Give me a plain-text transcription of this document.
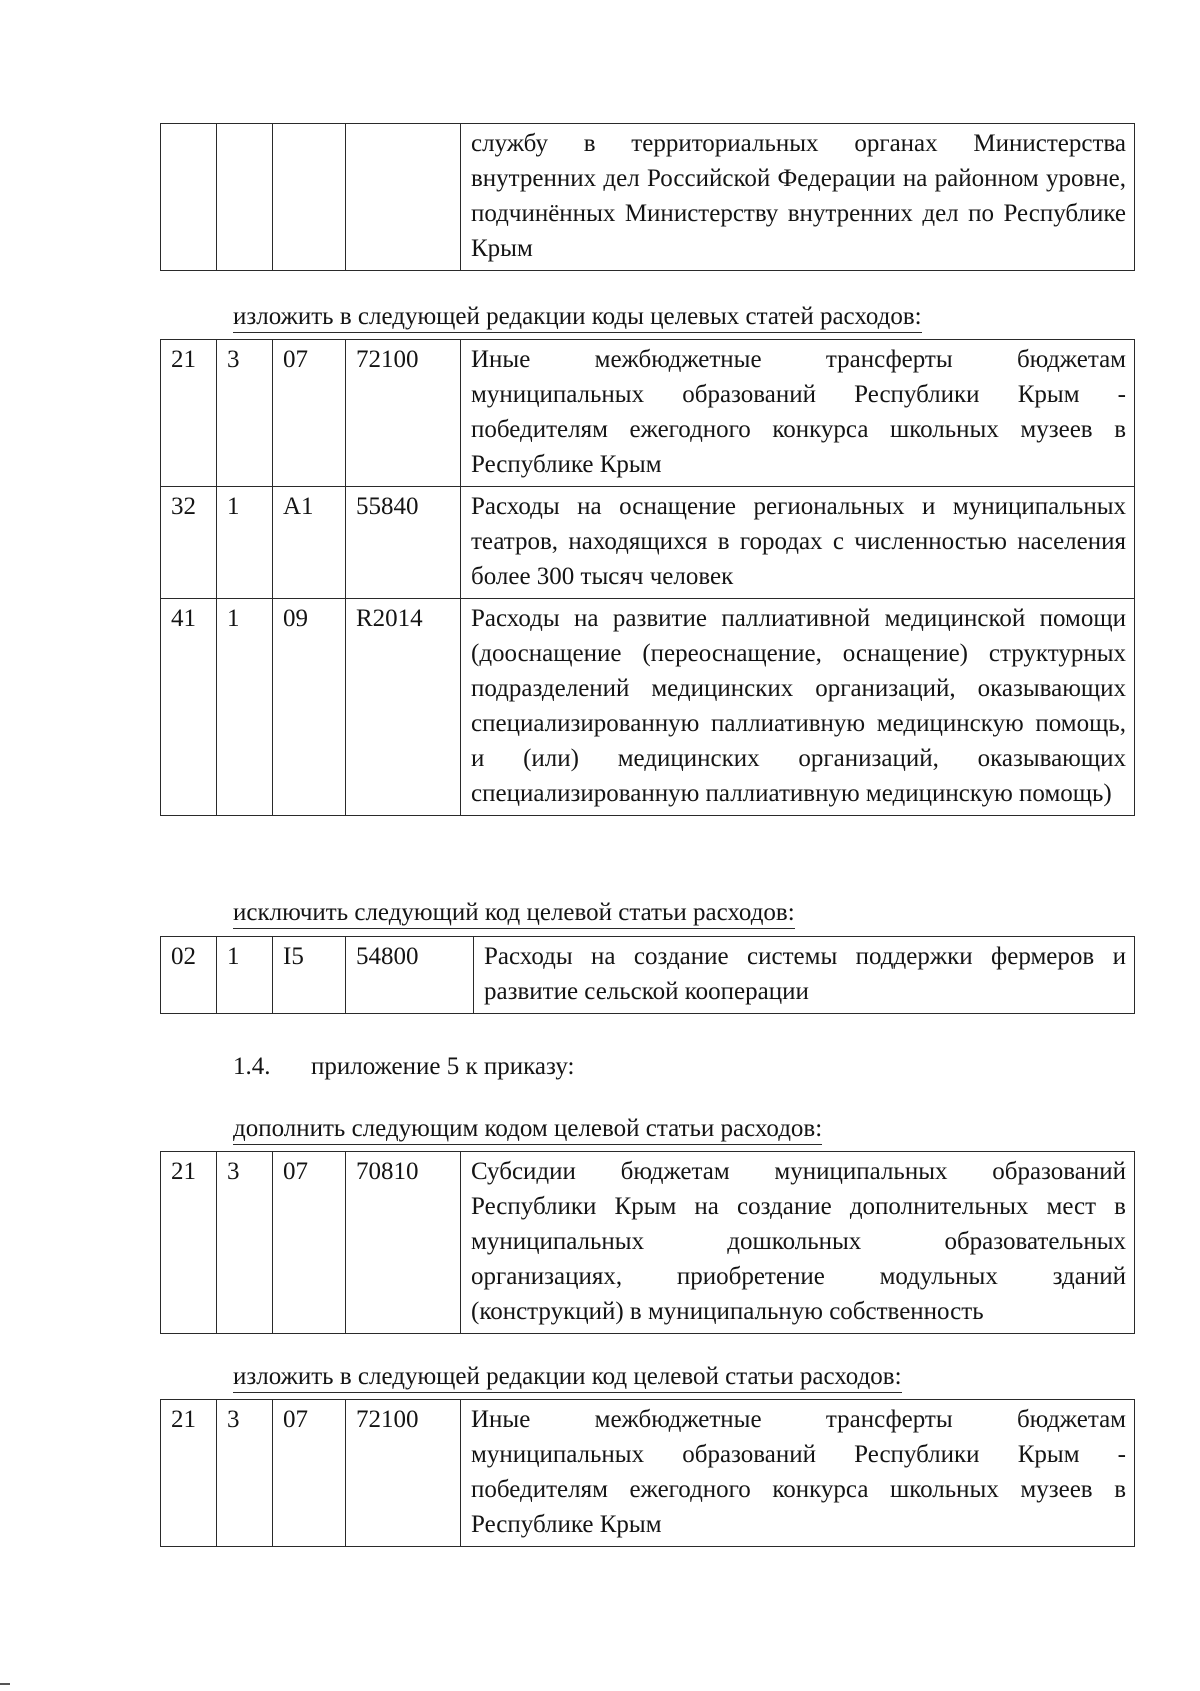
				службу в территориальных органах Министерства внутренних дел Российской Федерации на районном уровне, подчинённых Министерству внутренних дел по Республике Крым
изложить в следующей редакции коды целевых статей расходов:
21	3	07	72100	Иные межбюджетные трансферты бюджетам муниципальных образований Республики Крым - победителям ежегодного конкурса школьных музеев в Республике Крым
32	1	A1	55840	Расходы на оснащение региональных и муниципальных театров, находящихся в городах с численностью населения более 300 тысяч человек
41	1	09	R2014	Расходы на развитие паллиативной медицинской помощи (дооснащение (переоснащение, оснащение) структурных подразделений медицинских организаций, оказывающих специализированную паллиативную медицинскую помощь, и (или) медицинских организаций, оказывающих специализированную паллиативную медицинскую помощь)
исключить следующий код целевой статьи расходов:
02	1	I5	54800	Расходы на создание системы поддержки фермеров и развитие сельской кооперации
1.4. приложение 5 к приказу:
дополнить следующим кодом целевой статьи расходов:
21	3	07	70810	Субсидии бюджетам муниципальных образований Республики Крым на создание дополнительных мест в муниципальных дошкольных образовательных организациях, приобретение модульных зданий (конструкций) в муниципальную собственность
изложить в следующей редакции код целевой статьи расходов:
21	3	07	72100	Иные межбюджетные трансферты бюджетам муниципальных образований Республики Крым - победителям ежегодного конкурса школьных музеев в Республике Крым
